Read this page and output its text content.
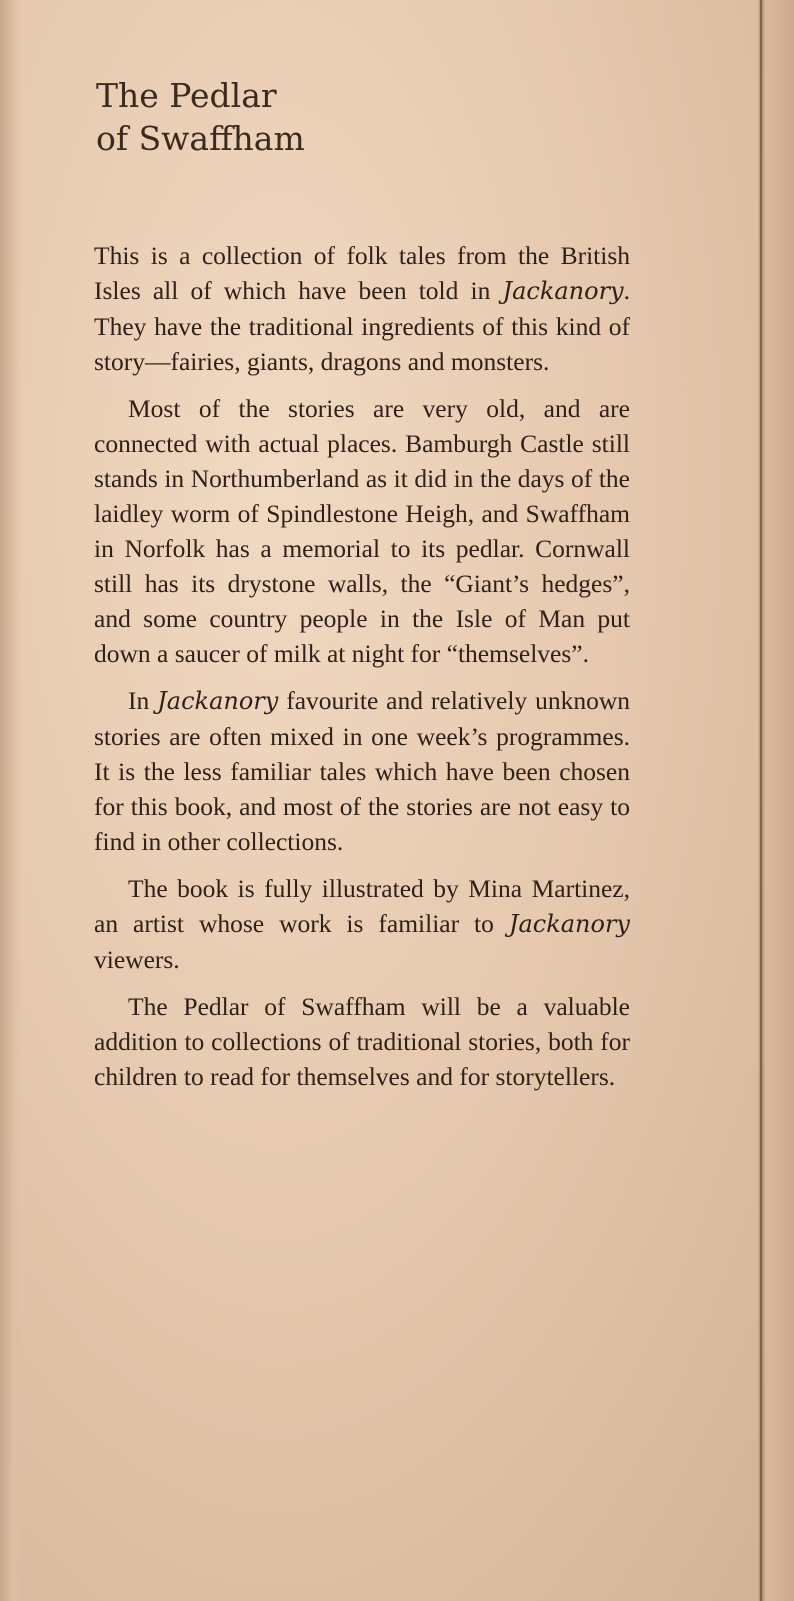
The Pedlar
of Swaffham

This is a collection of folk tales from the British Isles all of which have been told in Jackanory. They have the traditional ingredients of this kind of story—fairies, giants, dragons and monsters.

Most of the stories are very old, and are connected with actual places. Bamburgh Castle still stands in Northumberland as it did in the days of the laidley worm of Spindlestone Heigh, and Swaffham in Norfolk has a memorial to its pedlar. Cornwall still has its drystone walls, the “Giant’s hedges”, and some country people in the Isle of Man put down a saucer of milk at night for “themselves”.

In Jackanory favourite and relatively unknown stories are often mixed in one week’s programmes. It is the less familiar tales which have been chosen for this book, and most of the stories are not easy to find in other collections.

The book is fully illustrated by Mina Martinez, an artist whose work is familiar to Jackanory viewers.

The Pedlar of Swaffham will be a valuable addition to collections of traditional stories, both for children to read for themselves and for storytellers.
